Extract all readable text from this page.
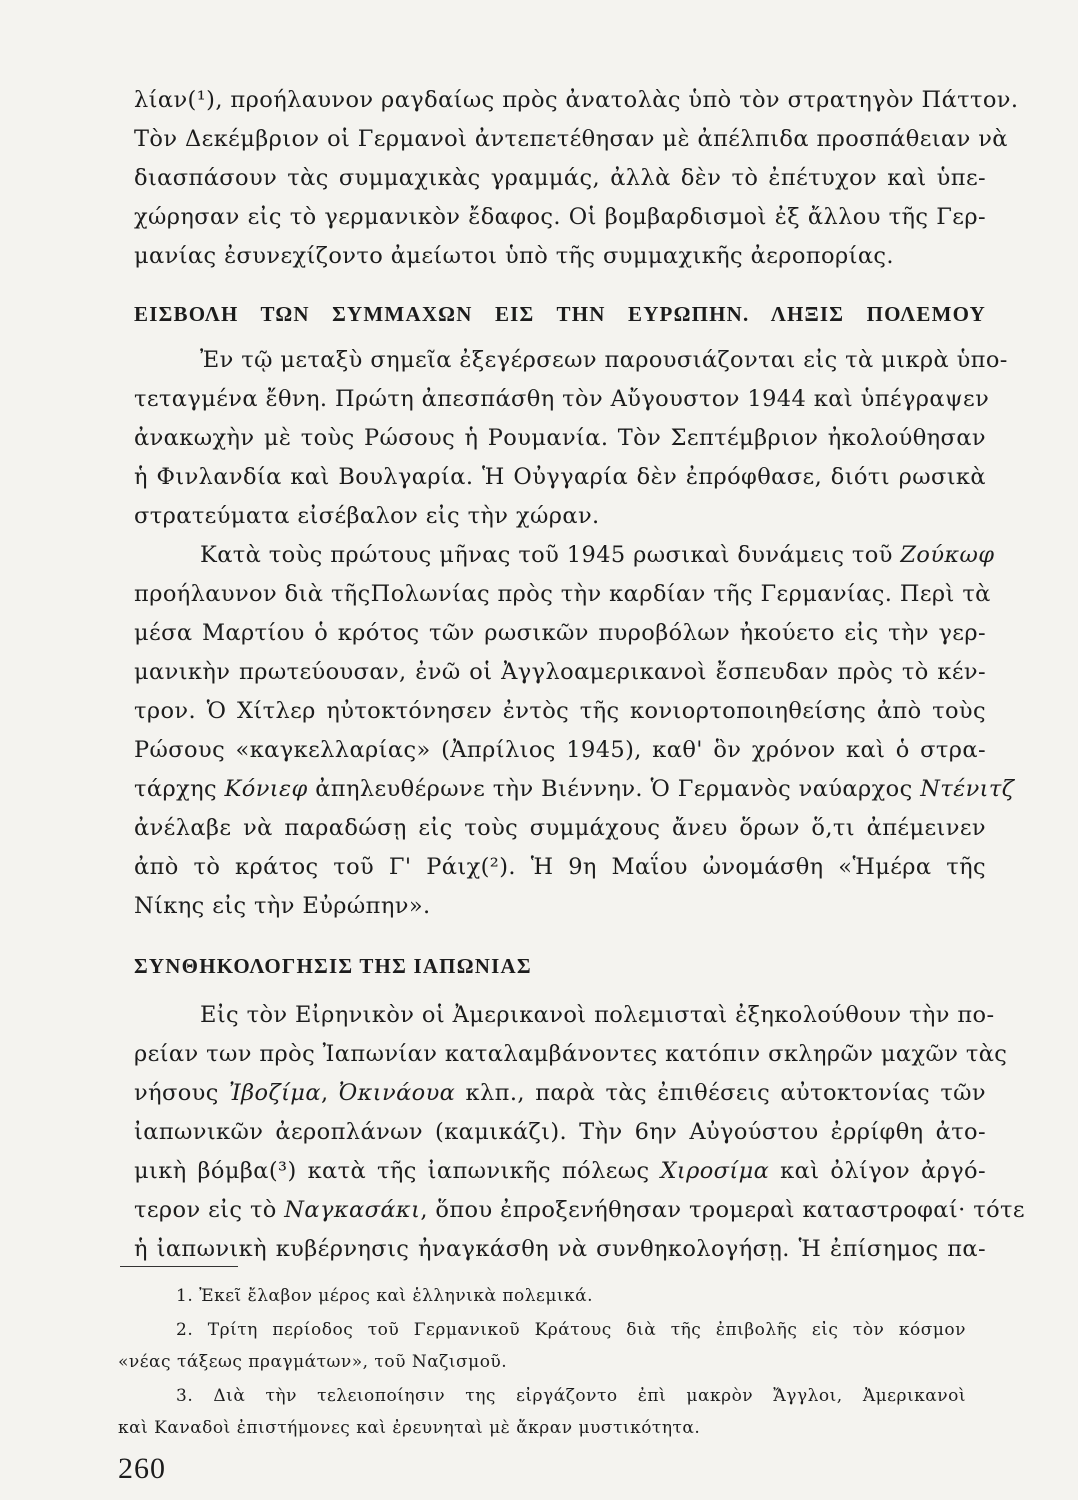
λίαν(¹), προήλαυνον ραγδαίως πρὸς ἀνατολὰς ὑπὸ τὸν στρατηγὸν Πάττον.
Τὸν Δεκέμβριον οἱ Γερμανοὶ ἀντεπετέθησαν μὲ ἀπέλπιδα προσπάθειαν νὰ
διασπάσουν τὰς συμμαχικὰς γραμμάς, ἀλλὰ δὲν τὸ ἐπέτυχον καὶ ὑπε-
χώρησαν εἰς τὸ γερμανικὸν ἔδαφος. Οἱ βομβαρδισμοὶ ἐξ ἄλλου τῆς Γερ-
μανίας ἐσυνεχίζοντο ἀμείωτοι ὑπὸ τῆς συμμαχικῆς ἀεροπορίας.
ΕΙΣΒΟΛΗ ΤΩΝ ΣΥΜΜΑΧΩΝ ΕΙΣ ΤΗΝ ΕΥΡΩΠΗΝ. ΛΗΞΙΣ ΠΟΛΕΜΟΥ
Ἐν τῷ μεταξὺ σημεῖα ἐξεγέρσεων παρουσιάζονται εἰς τὰ μικρὰ ὑπο-
τεταγμένα ἔθνη. Πρώτη ἀπεσπάσθη τὸν Αὔγουστον 1944 καὶ ὑπέγραψεν
ἀνακωχὴν μὲ τοὺς Ρώσους ἡ Ρουμανία. Τὸν Σεπτέμβριον ἠκολούθησαν
ἡ Φινλανδία καὶ Βουλγαρία. Ἡ Οὐγγαρία δὲν ἐπρόφθασε, διότι ρωσικὰ
στρατεύματα εἰσέβαλον εἰς τὴν χώραν.
Κατὰ τοὺς πρώτους μῆνας τοῦ 1945 ρωσικαὶ δυνάμεις τοῦ Ζούκωφ
προήλαυνον διὰ τῆςΠολωνίας πρὸς τὴν καρδίαν τῆς Γερμανίας. Περὶ τὰ
μέσα Μαρτίου ὁ κρότος τῶν ρωσικῶν πυροβόλων ἠκούετο εἰς τὴν γερ-
μανικὴν πρωτεύουσαν, ἐνῶ οἱ Ἀγγλοαμερικανοὶ ἔσπευδαν πρὸς τὸ κέν-
τρον. Ὁ Χίτλερ ηὐτοκτόνησεν ἐντὸς τῆς κονιορτοποιηθείσης ἀπὸ τοὺς
Ρώσους «καγκελλαρίας» (Ἀπρίλιος 1945), καθ' ὃν χρόνον καὶ ὁ στρα-
τάρχης Κόνιεφ ἀπηλευθέρωνε τὴν Βιέννην. Ὁ Γερμανὸς ναύαρχος Ντένιτζ
ἀνέλαβε νὰ παραδώσῃ εἰς τοὺς συμμάχους ἄνευ ὅρων ὅ,τι ἀπέμεινεν
ἀπὸ τὸ κράτος τοῦ Γ' Ράιχ(²). Ἡ 9η Μαΐου ὠνομάσθη «Ἡμέρα τῆς
Νίκης εἰς τὴν Εὐρώπην».
ΣΥΝΘΗΚΟΛΟΓΗΣΙΣ ΤΗΣ ΙΑΠΩΝΙΑΣ
Εἰς τὸν Εἰρηνικὸν οἱ Ἀμερικανοὶ πολεμισταὶ ἐξηκολούθουν τὴν πο-
ρείαν των πρὸς Ἰαπωνίαν καταλαμβάνοντες κατόπιν σκληρῶν μαχῶν τὰς
νήσους Ἰβοζίμα, Ὀκινάουα κλπ., παρὰ τὰς ἐπιθέσεις αὐτοκτονίας τῶν
ἰαπωνικῶν ἀεροπλάνων (καμικάζι). Τὴν 6ην Αὐγούστου ἐρρίφθη ἀτο-
μικὴ βόμβα(³) κατὰ τῆς ἰαπωνικῆς πόλεως Χιροσίμα καὶ ὀλίγον ἀργό-
τερον εἰς τὸ Ναγκασάκι, ὅπου ἐπροξενήθησαν τρομεραὶ καταστροφαί· τότε
ἡ ἰαπωνικὴ κυβέρνησις ἠναγκάσθη νὰ συνθηκολογήσῃ. Ἡ ἐπίσημος πα-
1. Ἐκεῖ ἔλαβον μέρος καὶ ἑλληνικὰ πολεμικά.
2. Τρίτη περίοδος τοῦ Γερμανικοῦ Κράτους διὰ τῆς ἐπιβολῆς εἰς τὸν κόσμον
«νέας τάξεως πραγμάτων», τοῦ Ναζισμοῦ.
3. Διὰ τὴν τελειοποίησιν της εἰργάζοντο ἐπὶ μακρὸν Ἄγγλοι, Ἀμερικανοὶ
καὶ Καναδοὶ ἐπιστήμονες καὶ ἐρευνηταὶ μὲ ἄκραν μυστικότητα.
260
